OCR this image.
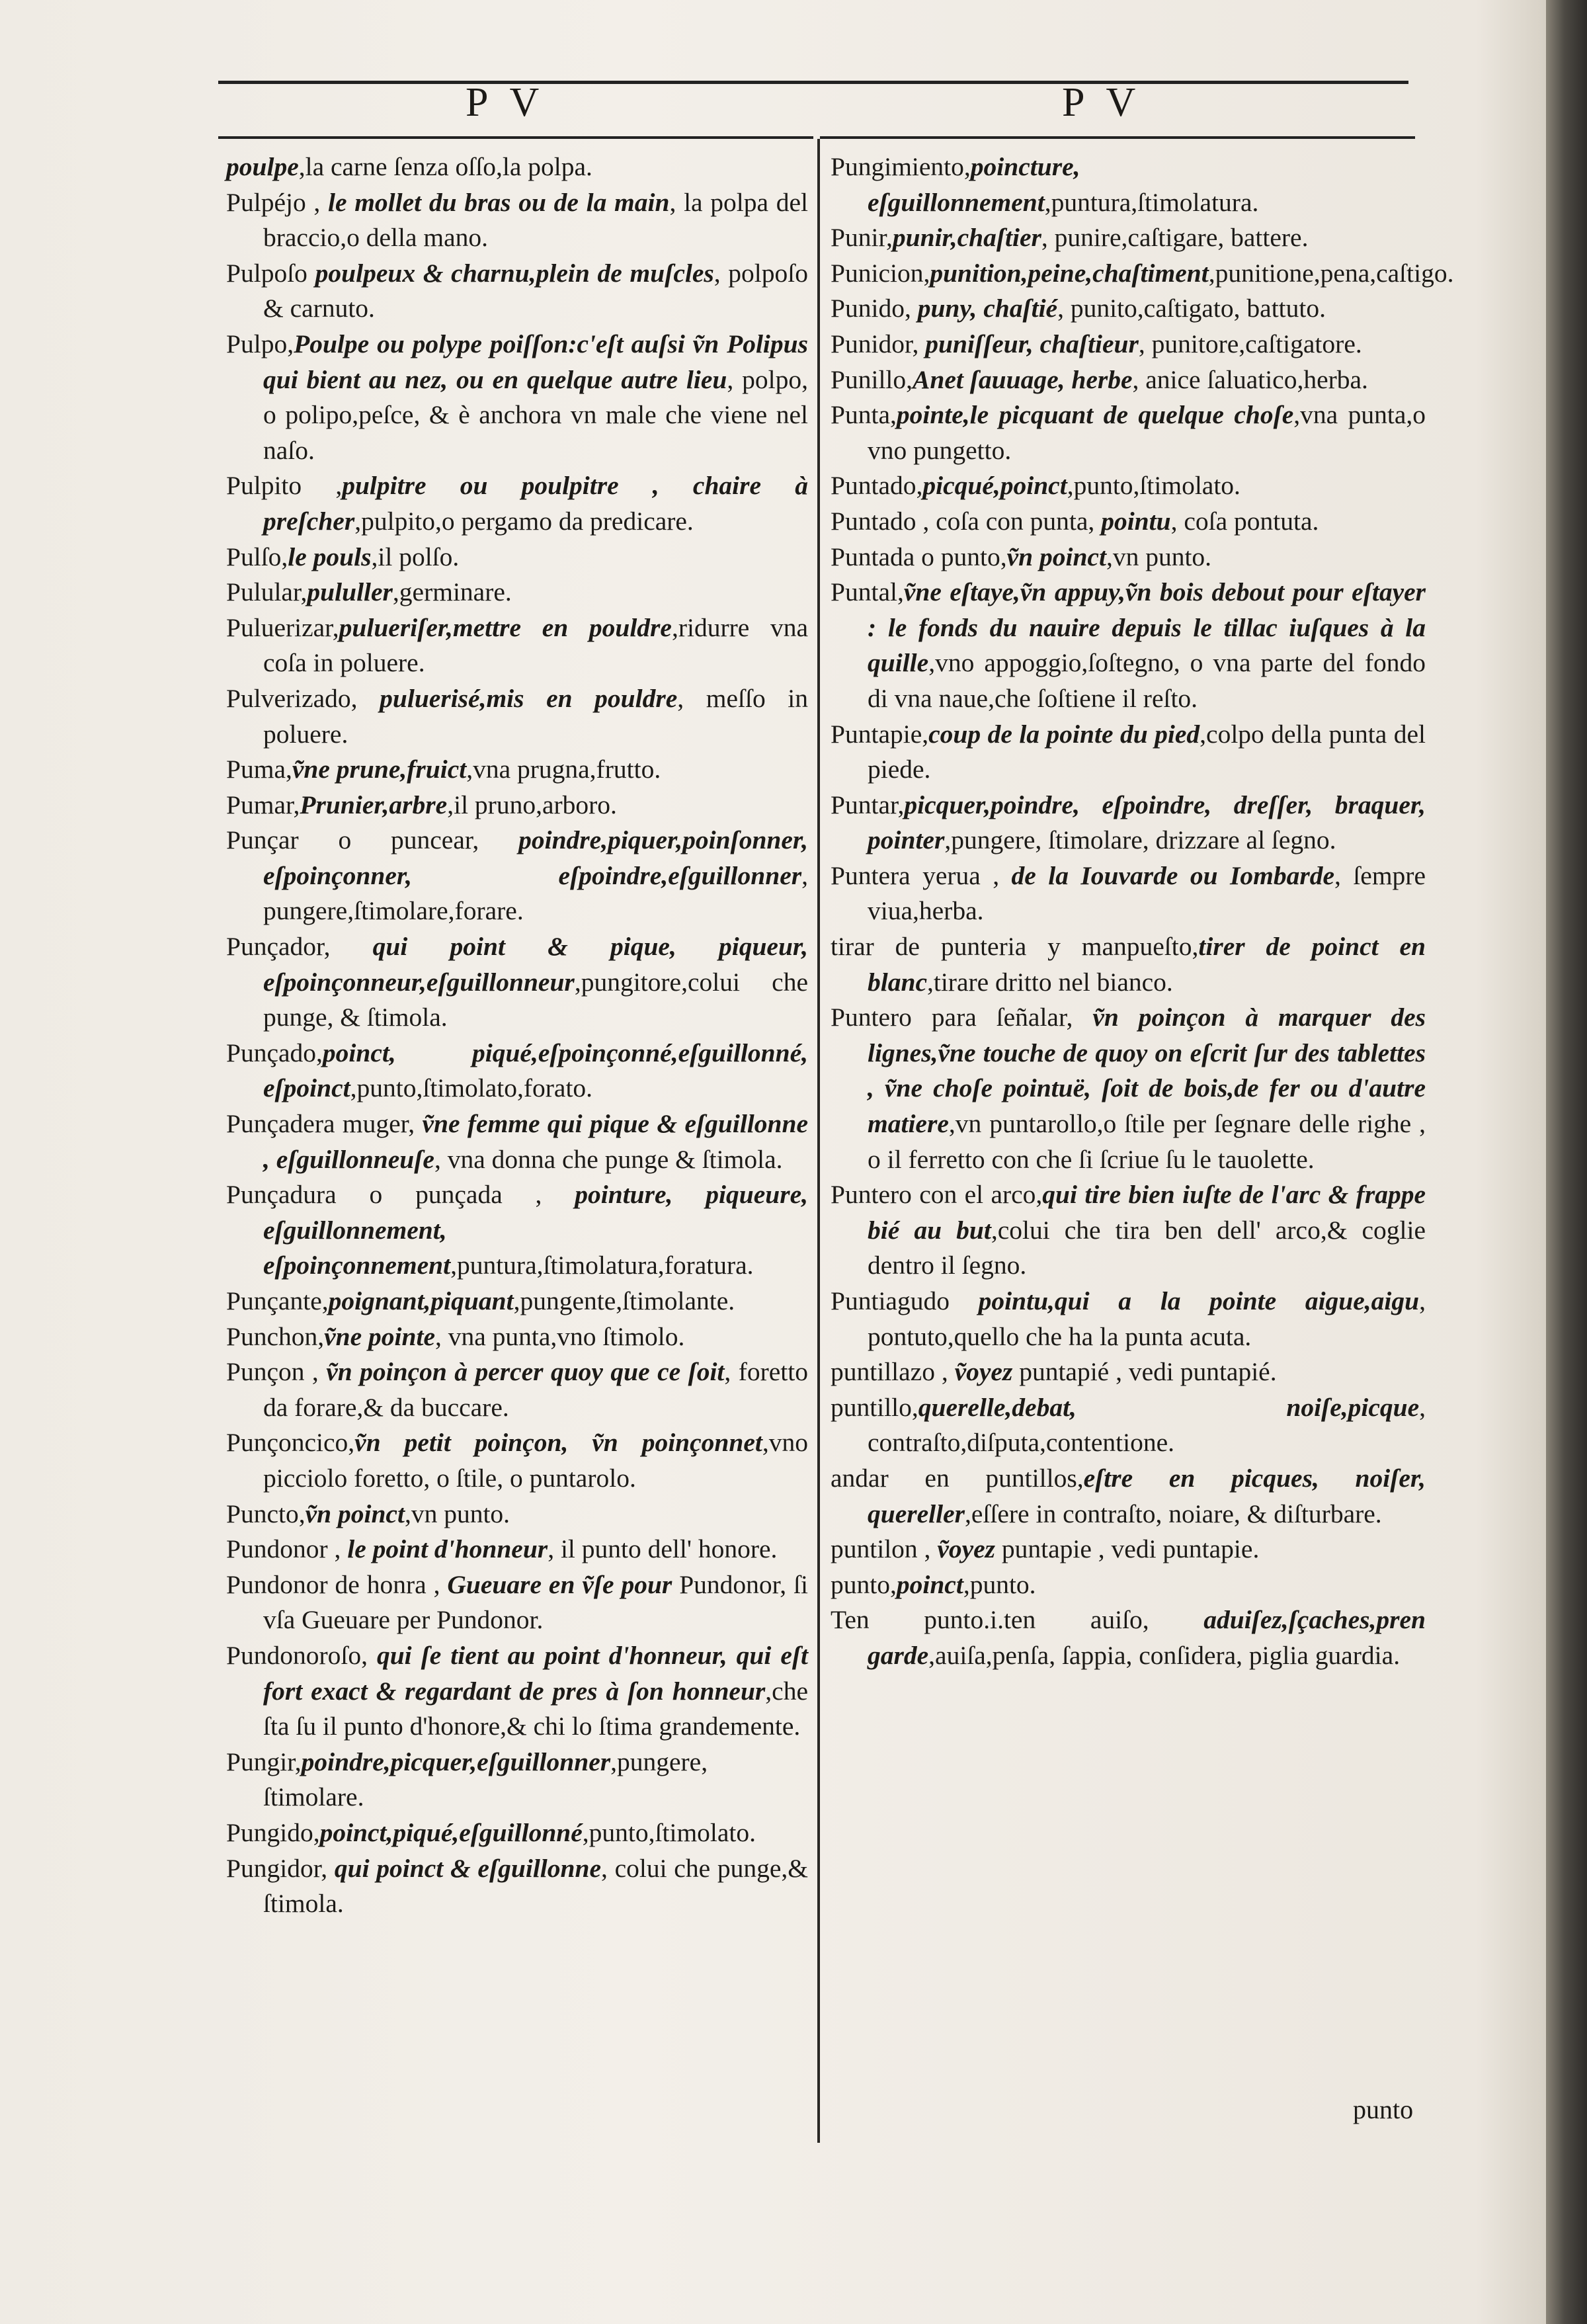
P V	P V

poulpe,la carne ſenza oſſo,la polpa.

Pulpéjo , le mollet du bras ou de la main, la polpa del braccio,o della mano.

Pulpoſo poulpeux & charnu,plein de muſcles, polpoſo & carnuto.

Pulpo,Poulpe ou polype poiſſon:c'eſt auſsi ṽn Polipus qui bient au nez, ou en quelque autre lieu, polpo, o polipo,peſce, & è anchora vn male che viene nel naſo.

Pulpito ,pulpitre ou poulpitre , chaire à preſcher,pulpito,o pergamo da predicare.

Pulſo,le pouls,il polſo.

Pulular,pululler,germinare.

Puluerizar,pulueriſer,mettre en pouldre,ridurre vna coſa in poluere.

Pulverizado, puluerisé,mis en pouldre, meſſo in poluere.

Puma,ṽne prune,fruict,vna prugna,frutto.

Pumar,Prunier,arbre,il pruno,arboro.

Punçar o puncear, poindre,piquer,poinſonner, eſpoinçonner, eſpoindre,eſguillonner, pungere,ſtimolare,forare.

Punçador, qui point & pique, piqueur, eſpoinçonneur,eſguillonneur,pungitore,colui che punge, & ſtimola.

Punçado,poinct, piqué,eſpoinçonné,eſguillonné, eſpoinct,punto,ſtimolato,forato.

Punçadera muger, ṽne femme qui pique & eſguillonne , eſguillonneuſe, vna donna che punge & ſtimola.

Punçadura o punçada , pointure, piqueure, eſguillonnement, eſpoinçonnement,puntura,ſtimolatura,foratura.

Punçante,poignant,piquant,pungente,ſtimolante.

Punchon,ṽne pointe, vna punta,vno ſtimolo.

Punçon , ṽn poinçon à percer quoy que ce ſoit, foretto da forare,& da buccare.

Punçoncico,ṽn petit poinçon, ṽn poinçonnet,vno picciolo foretto, o ſtile, o puntarolo.

Puncto,ṽn poinct,vn punto.

Pundonor , le point d'honneur, il punto dell' honore.

Pundonor de honra , Gueuare en ṽſe pour Pundonor, ſi vſa Gueuare per Pundonor.

Pundonoroſo, qui ſe tient au point d'honneur, qui eſt fort exact & regardant de pres à ſon honneur,che ſta ſu il punto d'honore,& chi lo ſtima grandemente.

Pungir,poindre,picquer,eſguillonner,pungere, ſtimolare.

Pungido,poinct,piqué,eſguillonné,punto,ſtimolato.

Pungidor, qui poinct & eſguillonne, colui che punge,& ſtimola.

Pungimiento,poincture, eſguillonnement,puntura,ſtimolatura.

Punir,punir,chaſtier, punire,caſtigare, battere.

Punicion,punition,peine,chaſtiment,punitione,pena,caſtigo.

Punido, puny, chaſtié, punito,caſtigato, battuto.

Punidor, puniſſeur, chaſtieur, punitore,caſtigatore.

Punillo,Anet ſauuage, herbe, anice ſaluatico,herba.

Punta,pointe,le picquant de quelque choſe,vna punta,o vno pungetto.

Puntado,picqué,poinct,punto,ſtimolato.

Puntado , coſa con punta, pointu, coſa pontuta.

Puntada o punto,ṽn poinct,vn punto.

Puntal,ṽne eſtaye,ṽn appuy,ṽn bois debout pour eſtayer : le fonds du nauire depuis le tillac iuſques à la quille,vno appoggio,ſoſtegno, o vna parte del fondo di vna naue,che ſoſtiene il reſto.

Puntapie,coup de la pointe du pied,colpo della punta del piede.

Puntar,picquer,poindre, eſpoindre, dreſſer, braquer, pointer,pungere, ſtimolare, drizzare al ſegno.

Puntera yerua , de la Iouvarde ou Iombarde, ſempre viua,herba.

tirar de punteria y manpueſto,tirer de poinct en blanc,tirare dritto nel bianco.

Puntero para ſeñalar, ṽn poinçon à marquer des lignes,ṽne touche de quoy on eſcrit ſur des tablettes , ṽne choſe pointuë, ſoit de bois,de fer ou d'autre matiere,vn puntarollo,o ſtile per ſegnare delle righe , o il ferretto con che ſi ſcriue ſu le tauolette.

Puntero con el arco,qui tire bien iuſte de l'arc & frappe bié au but,colui che tira ben dell' arco,& coglie dentro il ſegno.

Puntiagudo pointu,qui a la pointe aigue,aigu, pontuto,quello che ha la punta acuta.

puntillazo , ṽoyez puntapié , vedi puntapié.

puntillo,querelle,debat, noiſe,picque, contraſto,diſputa,contentione.

andar en puntillos,eſtre en picques, noiſer, quereller,eſſere in contraſto, noiare, & diſturbare.

puntilon , ṽoyez puntapie , vedi puntapie.

punto,poinct,punto.

Ten punto.i.ten auiſo, aduiſez,ſçaches,pren garde,auiſa,penſa, ſappia, conſidera, piglia guardia.

punto
